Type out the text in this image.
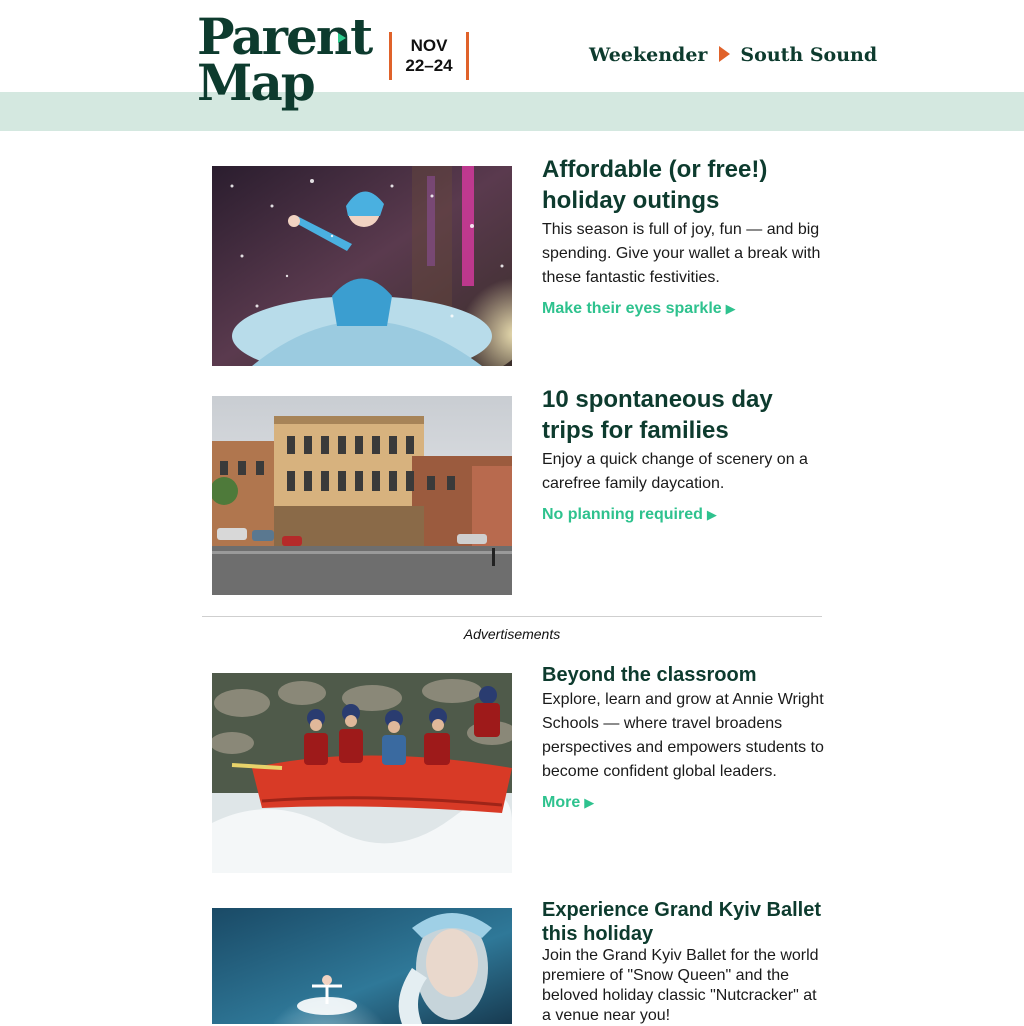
Parent
Map
NOV
22–24	Weekender South Sound
Affordable (or free!) holiday outings

This season is full of joy, fun — and big spending. Give your wallet a break with these fantastic festivities.

Make their eyes sparkle ▶
10 spontaneous day trips for families

Enjoy a quick change of scenery on a carefree family daycation.

No planning required ▶
Advertisements
Beyond the classroom

Explore, learn and grow at Annie Wright Schools — where travel broadens perspectives and empowers students to become confident global leaders.

More ▶
Experience Grand Kyiv Ballet this holiday

Join the Grand Kyiv Ballet for the world premiere of "Snow Queen" and the beloved holiday classic "Nutcracker" at a venue near you!
